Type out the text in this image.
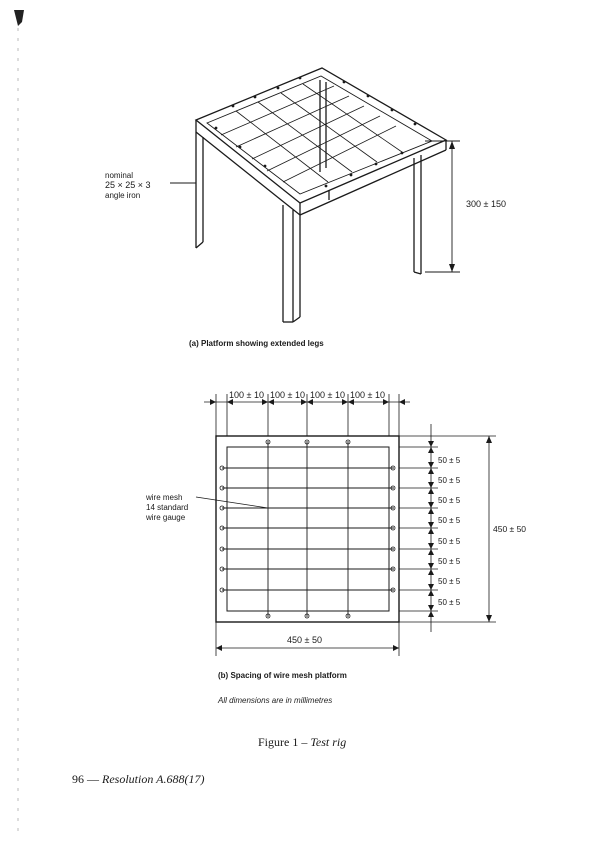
nominal
25 × 25 × 3
angle iron
300 ± 150
(a) Platform showing extended legs
100 ± 10 100 ± 10 100 ± 10 100 ± 10
wire mesh
14 standard
wire gauge
50 ± 5
50 ± 5
50 ± 5
50 ± 5
50 ± 5
50 ± 5
50 ± 5
50 ± 5
450 ± 50
450 ± 50
(b) Spacing of wire mesh platform
All dimensions are in millimetres
Figure 1 – Test rig
96 — Resolution A.688(17)
